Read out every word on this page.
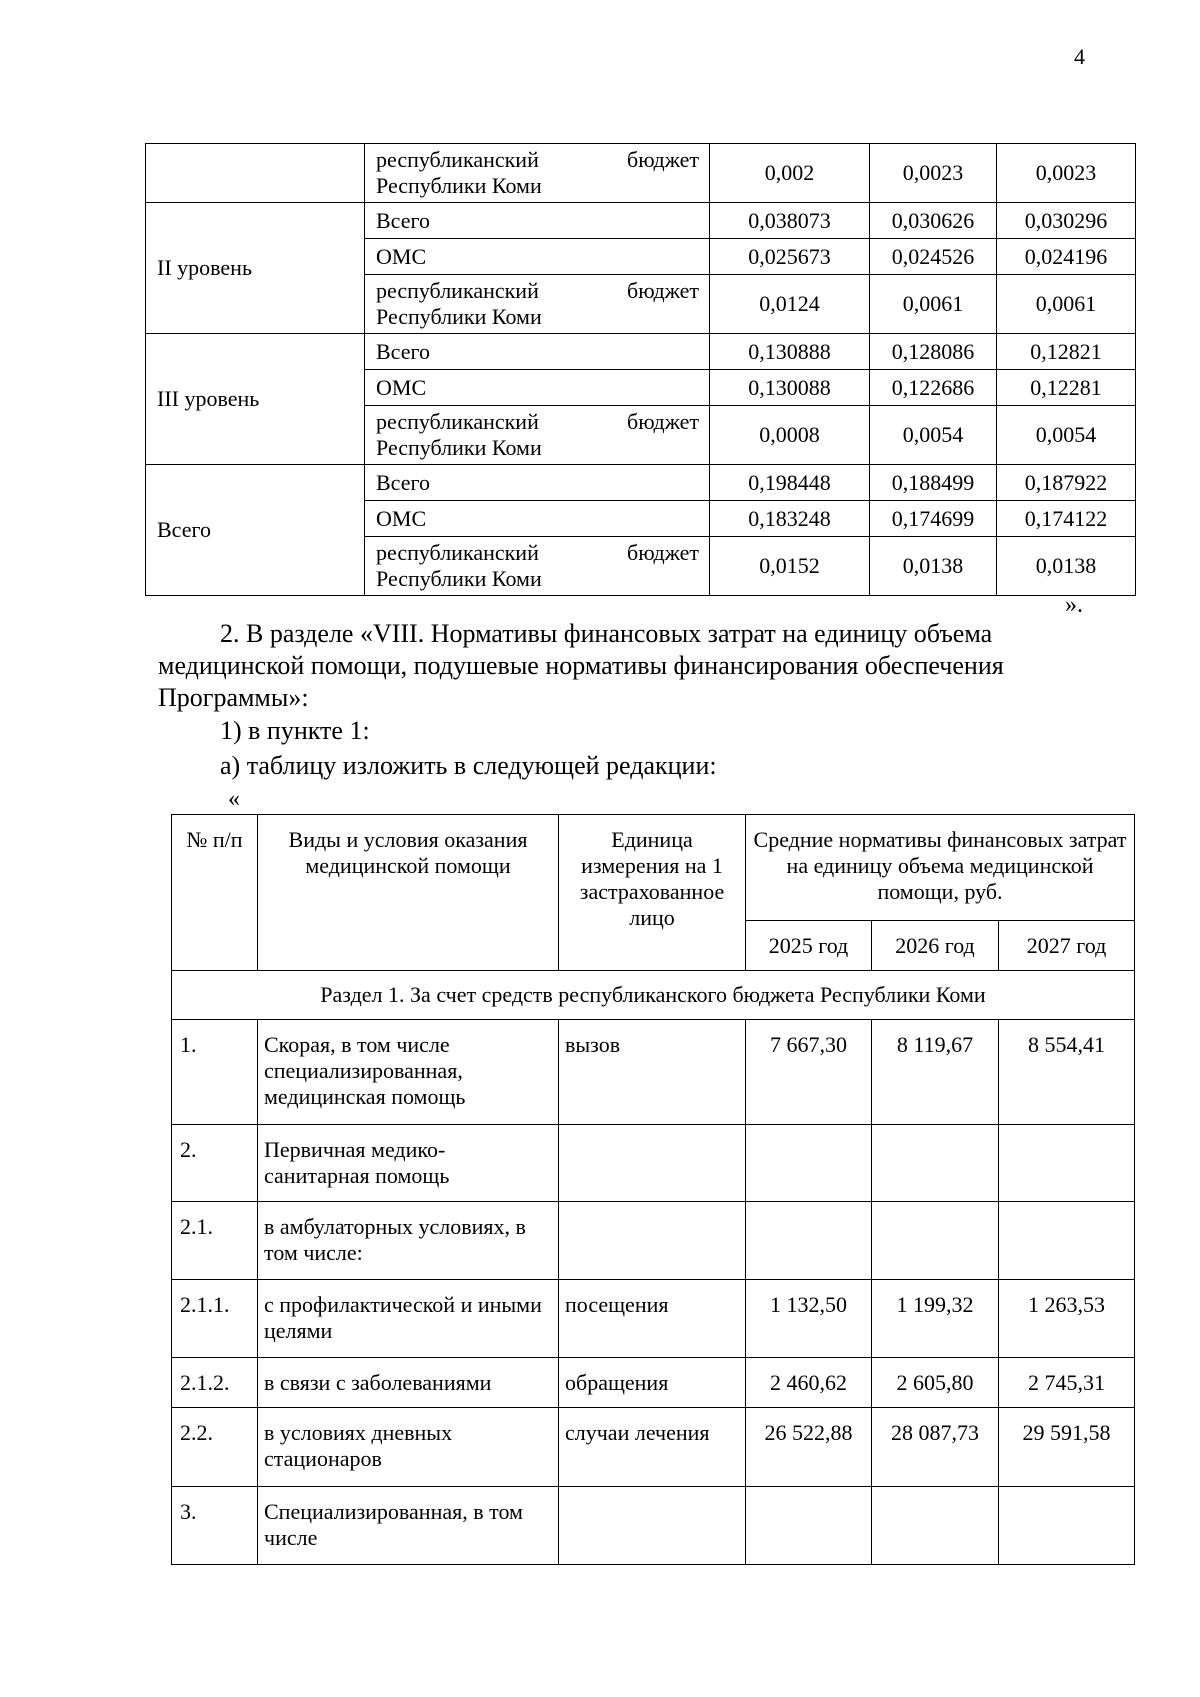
4

	республиканский бюджет
Республики Коми	0,002	0,0023	0,0023
II уровень	Всего	0,038073	0,030626	0,030296
	ОМС	0,025673	0,024526	0,024196

	республиканский бюджет
Республики Коми	0,0124	0,0061	0,0061
III уровень	Всего	0,130888	0,128086	0,12821
	ОМС	0,130088	0,122686	0,12281

	республиканский бюджет
Республики Коми	0,0008	0,0054	0,0054
Всего	Всего	0,198448	0,188499	0,187922
	ОМС	0,183248	0,174699	0,174122

	республиканский бюджет
Республики Коми	0,0152	0,0138	0,0138
».
2. В разделе «VIII. Нормативы финансовых затрат на единицу объема медицинской помощи, подушевые нормативы финансирования обеспечения Программы»:
1) в пункте 1:
а) таблицу изложить в следующей редакции:
«
№ п/п	Виды и условия оказания медицинской помощи	Единица измерения на 1 застрахованное лицо	Средние нормативы финансовых затрат на единицу объема медицинской помощи, руб.		
			2025 год	2026 год	2027 год
Раздел 1. За счет средств республиканского бюджета Республики Коми					
1.	Скорая, в том числе специализированная, медицинская помощь	вызов	7 667,30	8 119,67	8 554,41
2.	Первичная медико-санитарная помощь				
2.1.	в амбулаторных условиях, в том числе:				
2.1.1.	с профилактической и иными целями	посещения	1 132,50	1 199,32	1 263,53
2.1.2.	в связи с заболеваниями	обращения	2 460,62	2 605,80	2 745,31
2.2.	в условиях дневных стационаров	случаи лечения	26 522,88	28 087,73	29 591,58
3.	Специализированная, в том числе				
